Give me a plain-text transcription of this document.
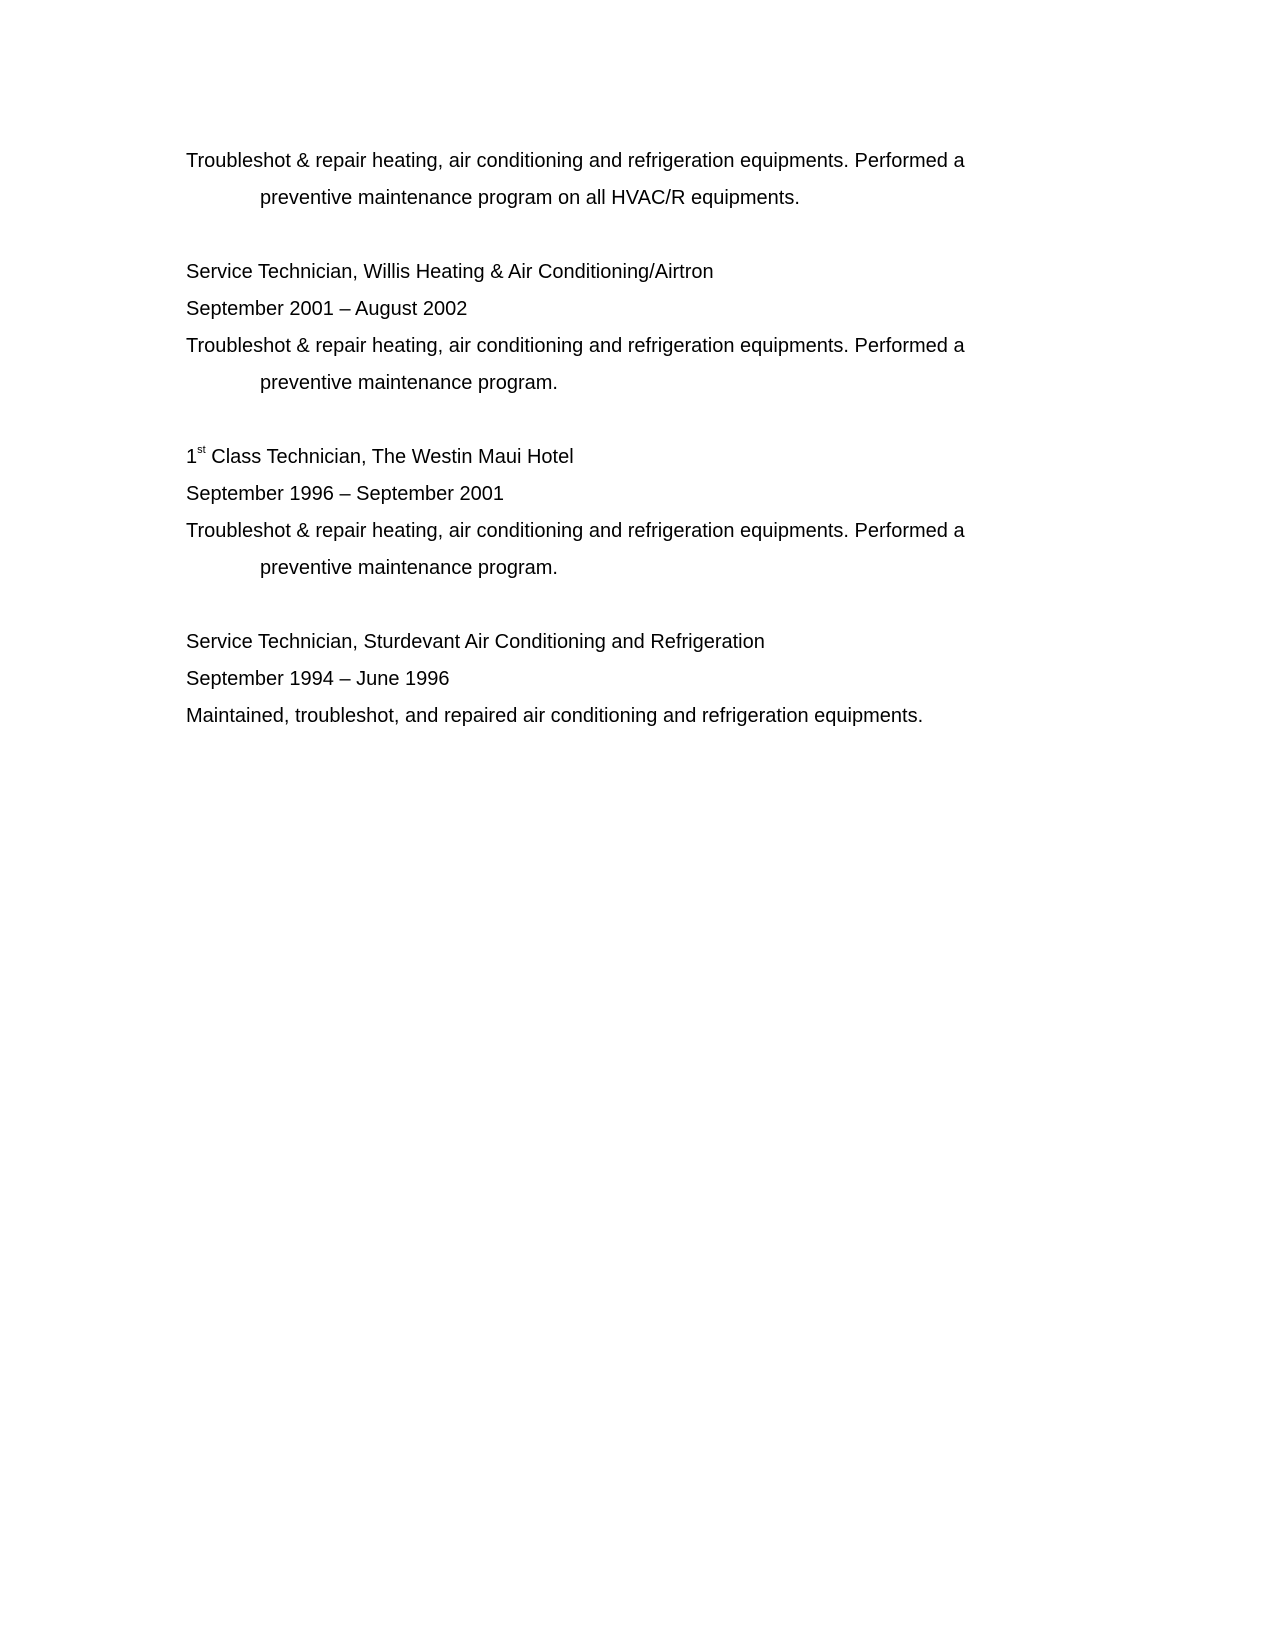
Troubleshot & repair heating, air conditioning and refrigeration equipments. Performed a
preventive maintenance program on all HVAC/R equipments.
Service Technician, Willis Heating & Air Conditioning/Airtron
September 2001 – August 2002
Troubleshot & repair heating, air conditioning and refrigeration equipments. Performed a
preventive maintenance program.
1st Class Technician, The Westin Maui Hotel
September 1996 – September 2001
Troubleshot & repair heating, air conditioning and refrigeration equipments. Performed a
preventive maintenance program.
Service Technician, Sturdevant Air Conditioning and Refrigeration
September 1994 – June 1996
Maintained, troubleshot, and repaired air conditioning and refrigeration equipments.
